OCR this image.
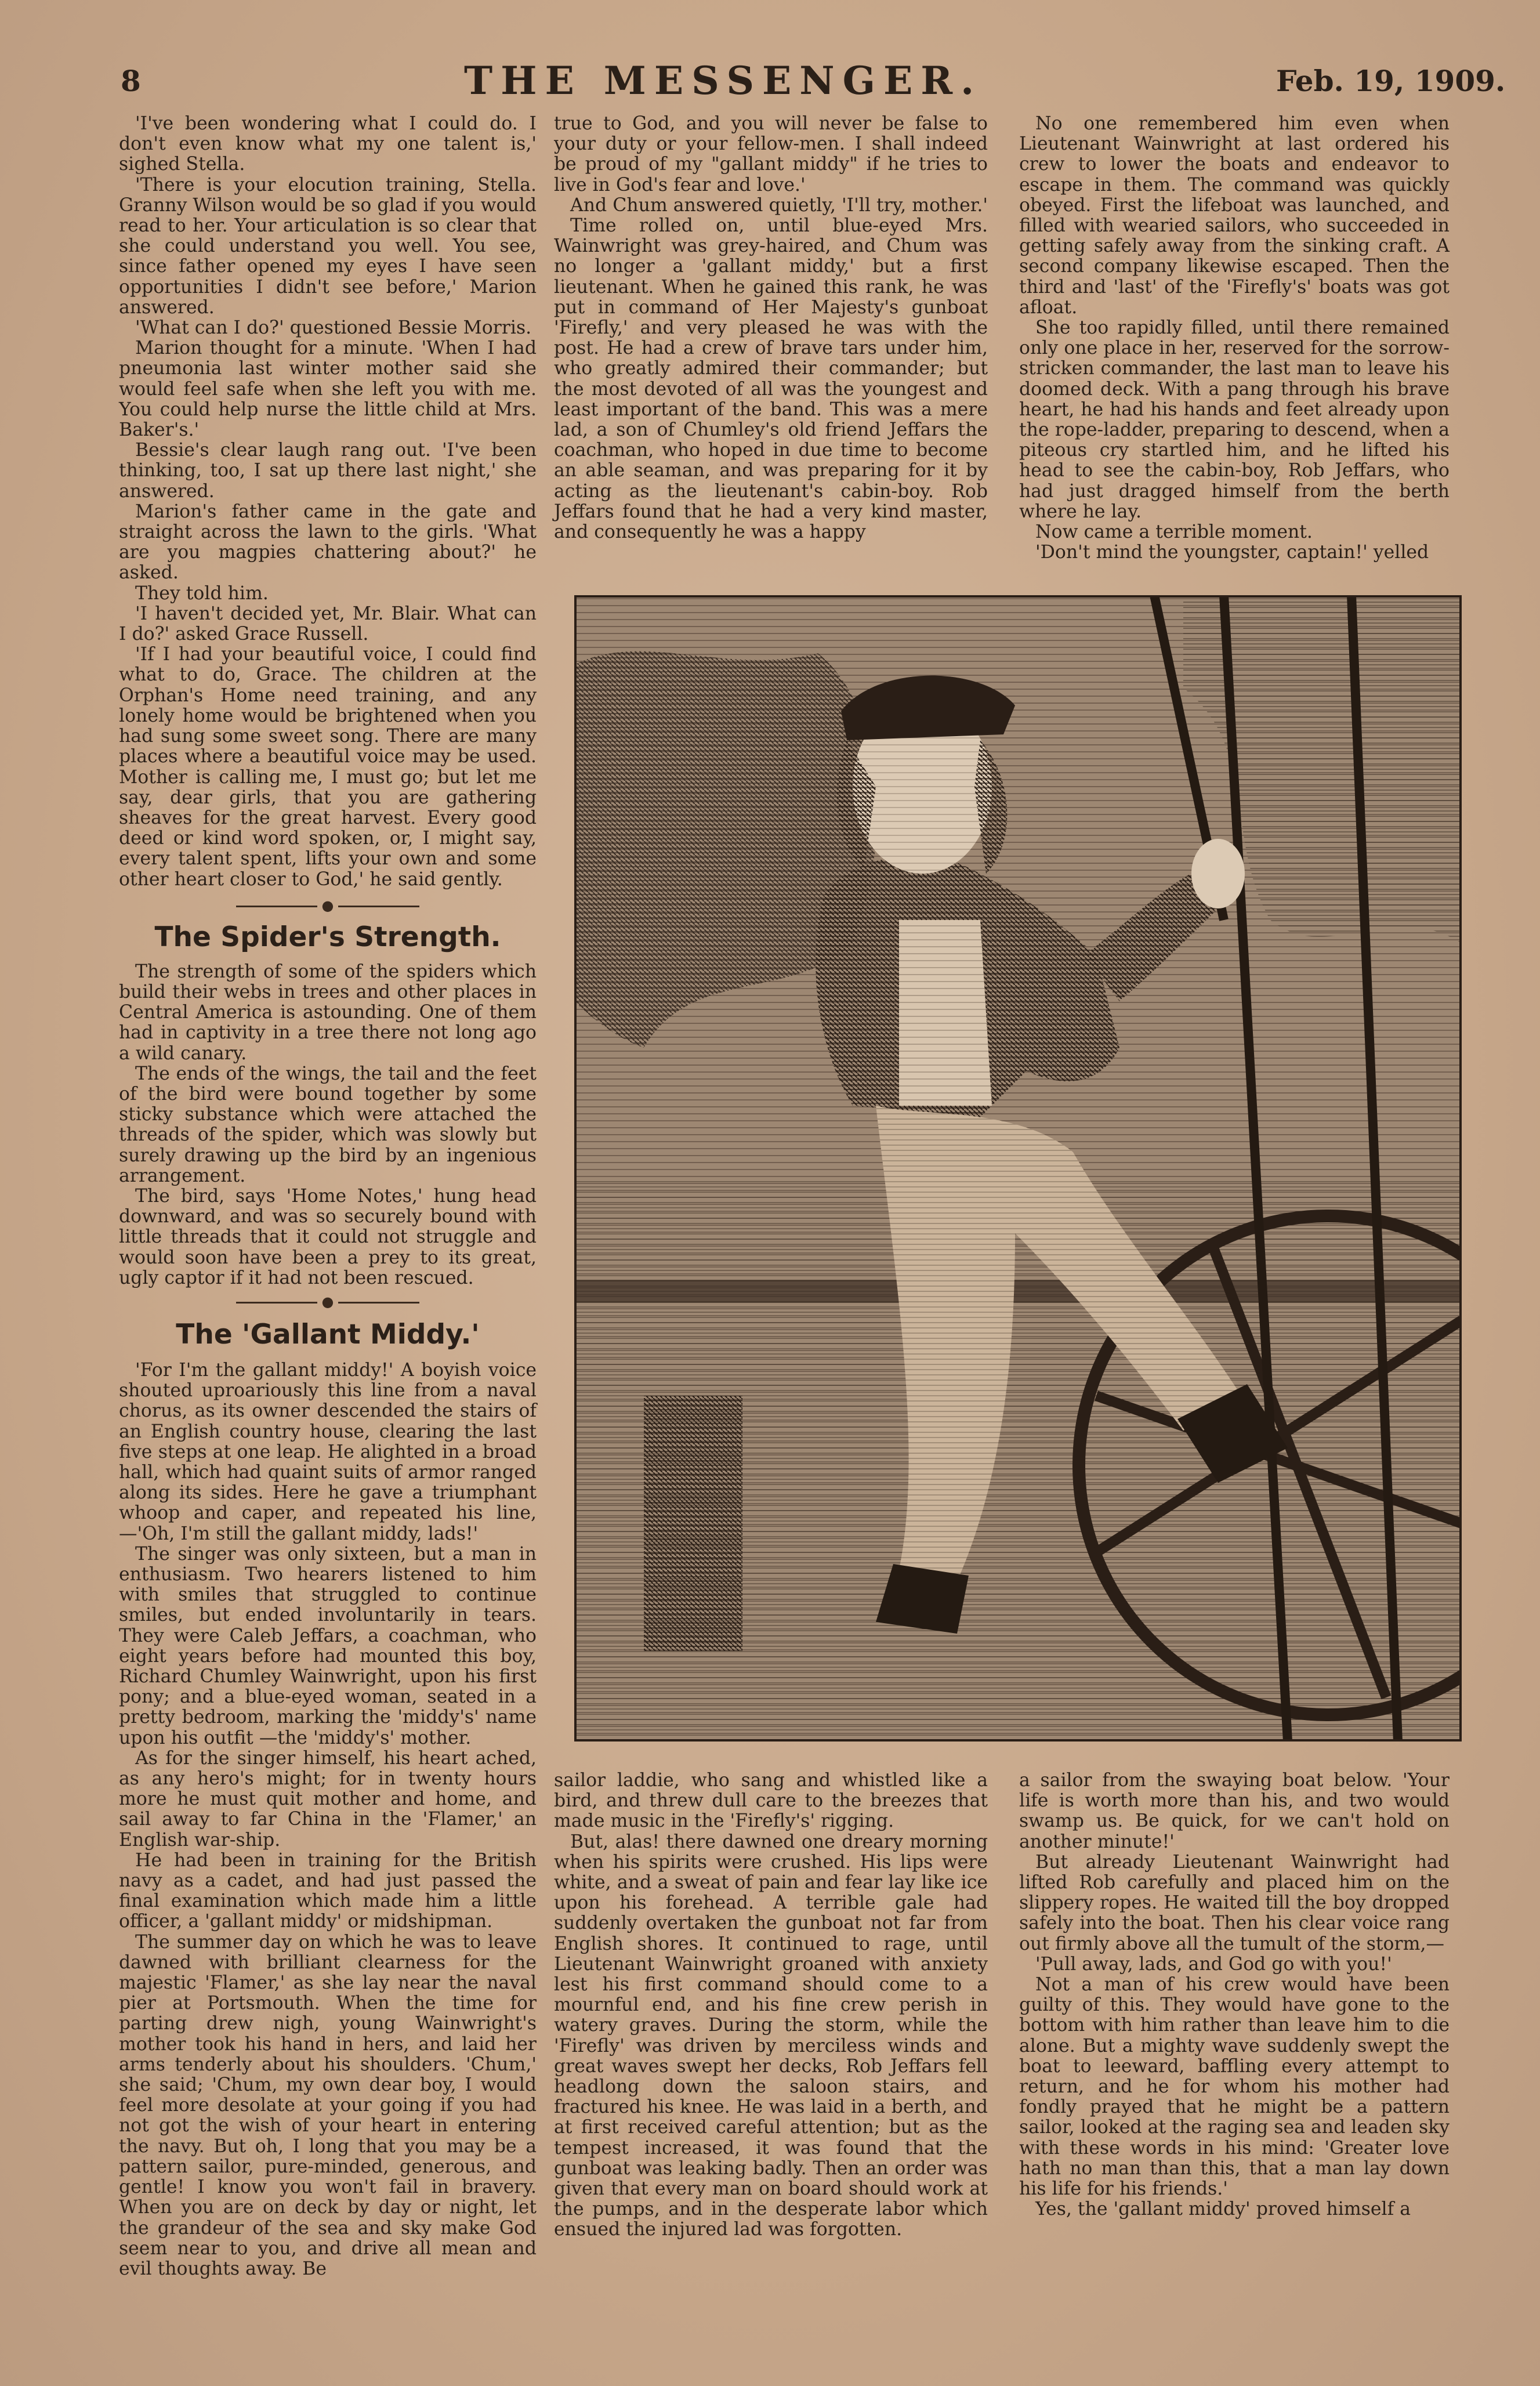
8	THE MESSENGER.	Feb. 19, 1909.

'I've been wondering what I could do. I don't even know what my one talent is,' sighed Stella.

'There is your elocution training, Stella. Granny Wilson would be so glad if you would read to her. Your articulation is so clear that she could understand you well. You see, since father opened my eyes I have seen opportunities I didn't see before,' Marion answered.

'What can I do?' questioned Bessie Morris.

Marion thought for a minute. 'When I had pneumonia last winter mother said she would feel safe when she left you with me. You could help nurse the little child at Mrs. Baker's.'

Bessie's clear laugh rang out. 'I've been thinking, too, I sat up there last night,' she answered.

Marion's father came in the gate and straight across the lawn to the girls. 'What are you magpies chattering about?' he asked.

They told him.

'I haven't decided yet, Mr. Blair. What can I do?' asked Grace Russell.

'If I had your beautiful voice, I could find what to do, Grace. The children at the Orphan's Home need training, and any lonely home would be brightened when you had sung some sweet song. There are many places where a beautiful voice may be used. Mother is calling me, I must go; but let me say, dear girls, that you are gathering sheaves for the great harvest. Every good deed or kind word spoken, or, I might say, every talent spent, lifts your own and some other heart closer to God,' he said gently.

●
The Spider's Strength.

The strength of some of the spiders which build their webs in trees and other places in Central America is astounding. One of them had in captivity in a tree there not long ago a wild canary.

The ends of the wings, the tail and the feet of the bird were bound together by some sticky substance which were attached the threads of the spider, which was slowly but surely drawing up the bird by an ingenious arrangement.

The bird, says 'Home Notes,' hung head downward, and was so securely bound with little threads that it could not struggle and would soon have been a prey to its great, ugly captor if it had not been rescued.

●
The 'Gallant Middy.'

'For I'm the gallant middy!' A boyish voice shouted uproariously this line from a naval chorus, as its owner descended the stairs of an English country house, clearing the last five steps at one leap. He alighted in a broad hall, which had quaint suits of armor ranged along its sides. Here he gave a triumphant whoop and caper, and repeated his line,—'Oh, I'm still the gallant middy, lads!'

The singer was only sixteen, but a man in enthusiasm. Two hearers listened to him with smiles that struggled to continue smiles, but ended involuntarily in tears. They were Caleb Jeffars, a coachman, who eight years before had mounted this boy, Richard Chumley Wainwright, upon his first pony; and a blue-eyed woman, seated in a pretty bedroom, marking the 'middy's' name upon his outfit —the 'middy's' mother.

As for the singer himself, his heart ached, as any hero's might; for in twenty hours more he must quit mother and home, and sail away to far China in the 'Flamer,' an English war-ship.

He had been in training for the British navy as a cadet, and had just passed the final examination which made him a little officer, a 'gallant middy' or midshipman.

The summer day on which he was to leave dawned with brilliant clearness for the majestic 'Flamer,' as she lay near the naval pier at Portsmouth. When the time for parting drew nigh, young Wainwright's mother took his hand in hers, and laid her arms tenderly about his shoulders. 'Chum,' she said; 'Chum, my own dear boy, I would feel more desolate at your going if you had not got the wish of your heart in entering the navy. But oh, I long that you may be a pattern sailor, pure-minded, generous, and gentle! I know you won't fail in bravery. When you are on deck by day or night, let the grandeur of the sea and sky make God seem near to you, and drive all mean and evil thoughts away. Be

true to God, and you will never be false to your duty or your fellow-men. I shall indeed be proud of my "gallant middy" if he tries to live in God's fear and love.'

And Chum answered quietly, 'I'll try, mother.'

Time rolled on, until blue-eyed Mrs. Wainwright was grey-haired, and Chum was no longer a 'gallant middy,' but a first lieutenant. When he gained this rank, he was put in command of Her Majesty's gunboat 'Firefly,' and very pleased he was with the post. He had a crew of brave tars under him, who greatly admired their commander; but the most devoted of all was the youngest and least important of the band. This was a mere lad, a son of Chumley's old friend Jeffars the coachman, who hoped in due time to become an able seaman, and was preparing for it by acting as the lieutenant's cabin-boy. Rob Jeffars found that he had a very kind master, and consequently he was a happy

No one remembered him even when Lieutenant Wainwright at last ordered his crew to lower the boats and endeavor to escape in them. The command was quickly obeyed. First the lifeboat was launched, and filled with wearied sailors, who succeeded in getting safely away from the sinking craft. A second company likewise escaped. Then the third and 'last' of the 'Firefly's' boats was got afloat.

She too rapidly filled, until there remained only one place in her, reserved for the sorrow-stricken commander, the last man to leave his doomed deck. With a pang through his brave heart, he had his hands and feet already upon the rope-ladder, preparing to descend, when a piteous cry startled him, and he lifted his head to see the cabin-boy, Rob Jeffars, who had just dragged himself from the berth where he lay.

Now came a terrible moment.

'Don't mind the youngster, captain!' yelled

sailor laddie, who sang and whistled like a bird, and threw dull care to the breezes that made music in the 'Firefly's' rigging.

But, alas! there dawned one dreary morning when his spirits were crushed. His lips were white, and a sweat of pain and fear lay like ice upon his forehead. A terrible gale had suddenly overtaken the gunboat not far from English shores. It continued to rage, until Lieutenant Wainwright groaned with anxiety lest his first command should come to a mournful end, and his fine crew perish in watery graves. During the storm, while the 'Firefly' was driven by merciless winds and great waves swept her decks, Rob Jeffars fell headlong down the saloon stairs, and fractured his knee. He was laid in a berth, and at first received careful attention; but as the tempest increased, it was found that the gunboat was leaking badly. Then an order was given that every man on board should work at the pumps, and in the desperate labor which ensued the injured lad was forgotten.

a sailor from the swaying boat below. 'Your life is worth more than his, and two would swamp us. Be quick, for we can't hold on another minute!'

But already Lieutenant Wainwright had lifted Rob carefully and placed him on the slippery ropes. He waited till the boy dropped safely into the boat. Then his clear voice rang out firmly above all the tumult of the storm,—

'Pull away, lads, and God go with you!'

Not a man of his crew would have been guilty of this. They would have gone to the bottom with him rather than leave him to die alone. But a mighty wave suddenly swept the boat to leeward, baffling every attempt to return, and he for whom his mother had fondly prayed that he might be a pattern sailor, looked at the raging sea and leaden sky with these words in his mind: 'Greater love hath no man than this, that a man lay down his life for his friends.'

Yes, the 'gallant middy' proved himself a
